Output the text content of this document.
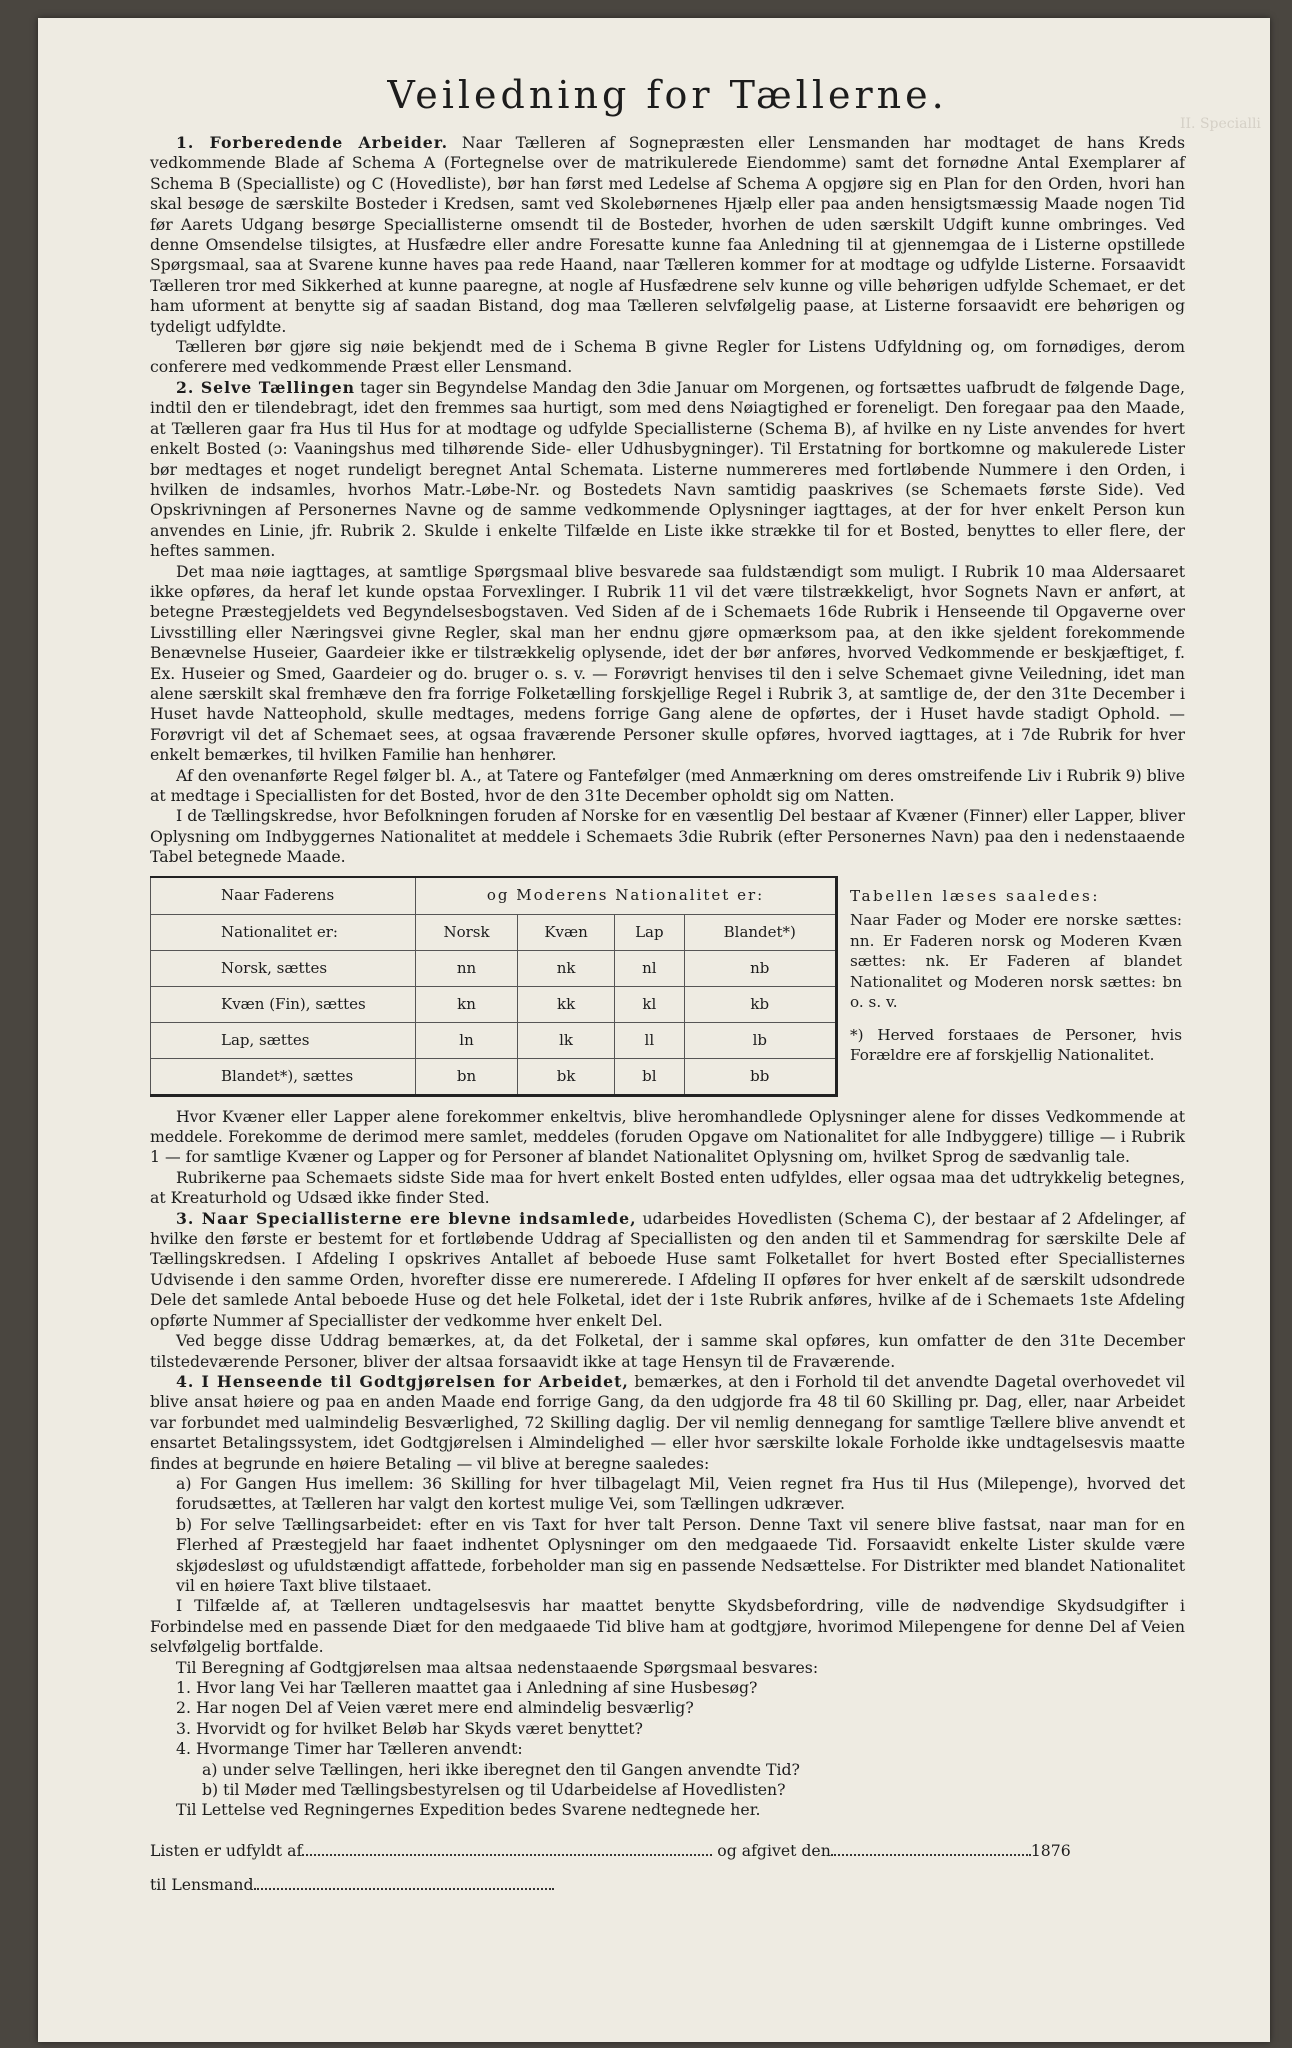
II. Specialli
Veiledning for Tællerne.

1. Forberedende Arbeider. Naar Tælleren af Sognepræsten eller Lensmanden har modtaget de hans Kreds vedkommende Blade af Schema A (Fortegnelse over de matrikulerede Eiendomme) samt det fornødne Antal Exemplarer af Schema B (Specialliste) og C (Hovedliste), bør han først med Ledelse af Schema A opgjøre sig en Plan for den Orden, hvori han skal besøge de særskilte Bosteder i Kredsen, samt ved Skolebørnenes Hjælp eller paa anden hensigtsmæssig Maade nogen Tid før Aarets Udgang besørge Speciallisterne omsendt til de Bosteder, hvorhen de uden særskilt Udgift kunne ombringes. Ved denne Omsendelse tilsigtes, at Husfædre eller andre Foresatte kunne faa Anledning til at gjennemgaa de i Listerne opstillede Spørgsmaal, saa at Svarene kunne haves paa rede Haand, naar Tælleren kommer for at modtage og udfylde Listerne. Forsaavidt Tælleren tror med Sikkerhed at kunne paaregne, at nogle af Husfædrene selv kunne og ville behørigen udfylde Schemaet, er det ham uforment at benytte sig af saadan Bistand, dog maa Tælleren selvfølgelig paase, at Listerne forsaavidt ere behørigen og tydeligt udfyldte.

Tælleren bør gjøre sig nøie bekjendt med de i Schema B givne Regler for Listens Udfyldning og, om fornødiges, derom conferere med vedkommende Præst eller Lensmand.

2. Selve Tællingen tager sin Begyndelse Mandag den 3die Januar om Morgenen, og fortsættes uafbrudt de følgende Dage, indtil den er tilendebragt, idet den fremmes saa hurtigt, som med dens Nøiagtighed er foreneligt. Den foregaar paa den Maade, at Tælleren gaar fra Hus til Hus for at modtage og udfylde Speciallisterne (Schema B), af hvilke en ny Liste anvendes for hvert enkelt Bosted (ɔ: Vaaningshus med tilhørende Side- eller Udhusbygninger). Til Erstatning for bortkomne og makulerede Lister bør medtages et noget rundeligt beregnet Antal Schemata. Listerne nummereres med fortløbende Nummere i den Orden, i hvilken de indsamles, hvorhos Matr.-Løbe-Nr. og Bostedets Navn samtidig paaskrives (se Schemaets første Side). Ved Opskrivningen af Personernes Navne og de samme vedkommende Oplysninger iagttages, at der for hver enkelt Person kun anvendes en Linie, jfr. Rubrik 2. Skulde i enkelte Tilfælde en Liste ikke strække til for et Bosted, benyttes to eller flere, der heftes sammen.

Det maa nøie iagttages, at samtlige Spørgsmaal blive besvarede saa fuldstændigt som muligt. I Rubrik 10 maa Aldersaaret ikke opføres, da heraf let kunde opstaa Forvexlinger. I Rubrik 11 vil det være tilstrækkeligt, hvor Sognets Navn er anført, at betegne Præstegjeldets ved Begyndelsesbogstaven. Ved Siden af de i Schemaets 16de Rubrik i Henseende til Opgaverne over Livsstilling eller Næringsvei givne Regler, skal man her endnu gjøre opmærksom paa, at den ikke sjeldent forekommende Benævnelse Huseier, Gaardeier ikke er tilstrækkelig oplysende, idet der bør anføres, hvorved Vedkommende er beskjæftiget, f. Ex. Huseier og Smed, Gaardeier og do. bruger o. s. v. — Forøvrigt henvises til den i selve Schemaet givne Veiledning, idet man alene særskilt skal fremhæve den fra forrige Folketælling forskjellige Regel i Rubrik 3, at samtlige de, der den 31te December i Huset havde Natteophold, skulle medtages, medens forrige Gang alene de opførtes, der i Huset havde stadigt Ophold. — Forøvrigt vil det af Schemaet sees, at ogsaa fraværende Personer skulle opføres, hvorved iagttages, at i 7de Rubrik for hver enkelt bemærkes, til hvilken Familie han henhører.

Af den ovenanførte Regel følger bl. A., at Tatere og Fantefølger (med Anmærkning om deres omstreifende Liv i Rubrik 9) blive at medtage i Speciallisten for det Bosted, hvor de den 31te December opholdt sig om Natten.

I de Tællingskredse, hvor Befolkningen foruden af Norske for en væsentlig Del bestaar af Kvæner (Finner) eller Lapper, bliver Oplysning om Indbyggernes Nationalitet at meddele i Schemaets 3die Rubrik (efter Personernes Navn) paa den i nedenstaaende Tabel betegnede Maade.

Naar Faderens	og Moderens Nationalitet er:			
Nationalitet er:	Norsk	Kvæn	Lap	Blandet*)
Norsk, sættes	nn	nk	nl	nb
Kvæn (Fin), sættes	kn	kk	kl	kb
Lap, sættes	ln	lk	ll	lb
Blandet*), sættes	bn	bk	bl	bb
Tabellen læses saaledes:
Naar Fader og Moder ere norske sættes: nn. Er Faderen norsk og Moderen Kvæn sættes: nk. Er Faderen af blandet Nationalitet og Moderen norsk sættes: bn o. s. v.
*) Herved forstaaes de Personer, hvis Forældre ere af forskjellig Nationalitet.

Hvor Kvæner eller Lapper alene forekommer enkeltvis, blive heromhandlede Oplysninger alene for disses Vedkommende at meddele. Forekomme de derimod mere samlet, meddeles (foruden Opgave om Nationalitet for alle Indbyggere) tillige — i Rubrik 1 — for samtlige Kvæner og Lapper og for Personer af blandet Nationalitet Oplysning om, hvilket Sprog de sædvanlig tale.

Rubrikerne paa Schemaets sidste Side maa for hvert enkelt Bosted enten udfyldes, eller ogsaa maa det udtrykkelig betegnes, at Kreaturhold og Udsæd ikke finder Sted.

3. Naar Speciallisterne ere blevne indsamlede, udarbeides Hovedlisten (Schema C), der bestaar af 2 Afdelinger, af hvilke den første er bestemt for et fortløbende Uddrag af Speciallisten og den anden til et Sammendrag for særskilte Dele af Tællingskredsen. I Afdeling I opskrives Antallet af beboede Huse samt Folketallet for hvert Bosted efter Speciallisternes Udvisende i den samme Orden, hvorefter disse ere numererede. I Afdeling II opføres for hver enkelt af de særskilt udsondrede Dele det samlede Antal beboede Huse og det hele Folketal, idet der i 1ste Rubrik anføres, hvilke af de i Schemaets 1ste Afdeling opførte Nummer af Speciallister der vedkomme hver enkelt Del.

Ved begge disse Uddrag bemærkes, at, da det Folketal, der i samme skal opføres, kun omfatter de den 31te December tilstedeværende Personer, bliver der altsaa forsaavidt ikke at tage Hensyn til de Fraværende.

4. I Henseende til Godtgjørelsen for Arbeidet, bemærkes, at den i Forhold til det anvendte Dagetal overhovedet vil blive ansat høiere og paa en anden Maade end forrige Gang, da den udgjorde fra 48 til 60 Skilling pr. Dag, eller, naar Arbeidet var forbundet med ualmindelig Besværlighed, 72 Skilling daglig. Der vil nemlig dennegang for samtlige Tællere blive anvendt et ensartet Betalingssystem, idet Godtgjørelsen i Almindelighed — eller hvor særskilte lokale Forholde ikke undtagelsesvis maatte findes at begrunde en høiere Betaling — vil blive at beregne saaledes:

a) For Gangen Hus imellem: 36 Skilling for hver tilbagelagt Mil, Veien regnet fra Hus til Hus (Milepenge), hvorved det forudsættes, at Tælleren har valgt den kortest mulige Vei, som Tællingen udkræver.

b) For selve Tællingsarbeidet: efter en vis Taxt for hver talt Person. Denne Taxt vil senere blive fastsat, naar man for en Flerhed af Præstegjeld har faaet indhentet Oplysninger om den medgaaede Tid. Forsaavidt enkelte Lister skulde være skjødesløst og ufuldstændigt affattede, forbeholder man sig en passende Nedsættelse. For Distrikter med blandet Nationalitet vil en høiere Taxt blive tilstaaet.

I Tilfælde af, at Tælleren undtagelsesvis har maattet benytte Skydsbefordring, ville de nødvendige Skydsudgifter i Forbindelse med en passende Diæt for den medgaaede Tid blive ham at godtgjøre, hvorimod Milepengene for denne Del af Veien selvfølgelig bortfalde.

Til Beregning af Godtgjørelsen maa altsaa nedenstaaende Spørgsmaal besvares:

1. Hvor lang Vei har Tælleren maattet gaa i Anledning af sine Husbesøg?
2. Har nogen Del af Veien været mere end almindelig besværlig?
3. Hvorvidt og for hvilket Beløb har Skyds været benyttet?
4. Hvormange Timer har Tælleren anvendt:
a) under selve Tællingen, heri ikke iberegnet den til Gangen anvendte Tid?
b) til Møder med Tællingsbestyrelsen og til Udarbeidelse af Hovedlisten?

Til Lettelse ved Regningernes Expedition bedes Svarene nedtegnede her.

Listen er udfyldt af	og afgivet den	1876
til Lensmand
